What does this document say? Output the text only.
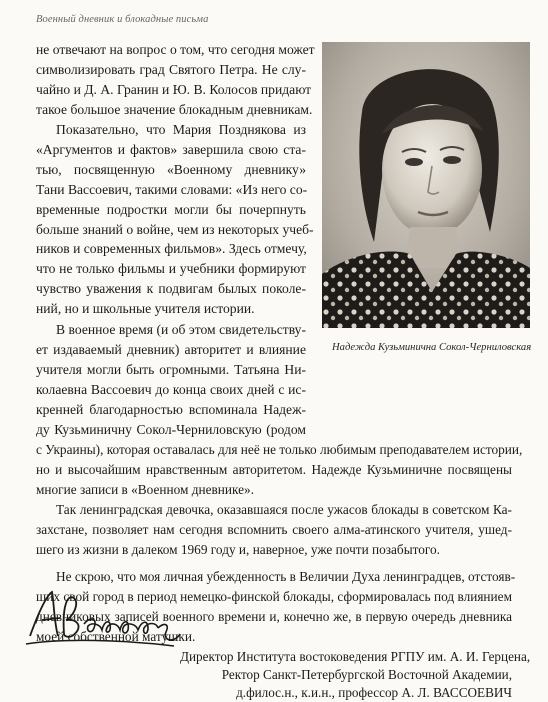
Военный дневник и блокадные письма
не отвечают на вопрос о том, что сегодня может
символизировать град Святого Петра. Не слу-
чайно и Д. А. Гранин и Ю. В. Колосов придают
такое большое значение блокадным дневникам.
Показательно, что Мария Позднякова из
«Аргументов и фактов» завершила свою ста-
тью, посвященную «Военному дневнику»
Тани Вассоевич, такими словами: «Из него со-
временные подростки могли бы почерпнуть
больше знаний о войне, чем из некоторых учеб-
ников и современных фильмов». Здесь отмечу,
что не только фильмы и учебники формируют
чувство уважения к подвигам былых поколе-
ний, но и школьные учителя истории.
В военное время (и об этом свидетельству-
ет издаваемый дневник) авторитет и влияние
учителя могли быть огромными. Татьяна Ни-
колаевна Вассоевич до конца своих дней с ис-
кренней благодарностью вспоминала Надеж-
ду Кузьминичну Сокол-Черниловскую (родом
с Украины), которая оставалась для неё не только любимым преподавателем истории,
но и высочайшим нравственным авторитетом. Надежде Кузьминичне посвящены
многие записи в «Военном дневнике».
Так ленинградская девочка, оказавшаяся после ужасов блокады в советском Ка-
захстане, позволяет нам сегодня вспомнить своего алма-атинского учителя, ушед-
шего из жизни в далеком 1969 году и, наверное, уже почти позабытого.
Не скрою, что моя личная убежденность в Величии Духа ленинградцев, отстояв-
ших свой город в период немецко-финской блокады, сформировалась под влиянием
дневниковых записей военного времени и, конечно же, в первую очередь дневника
моей собственной матушки.
Директор Института востоковедения РГПУ им. А. И. Герцена,
Ректор Санкт-Петербургской Восточной Академии,
д.филос.н., к.и.н., профессор А. Л. ВАССОЕВИЧ
Надежда Кузьминична Сокол-Черниловская
